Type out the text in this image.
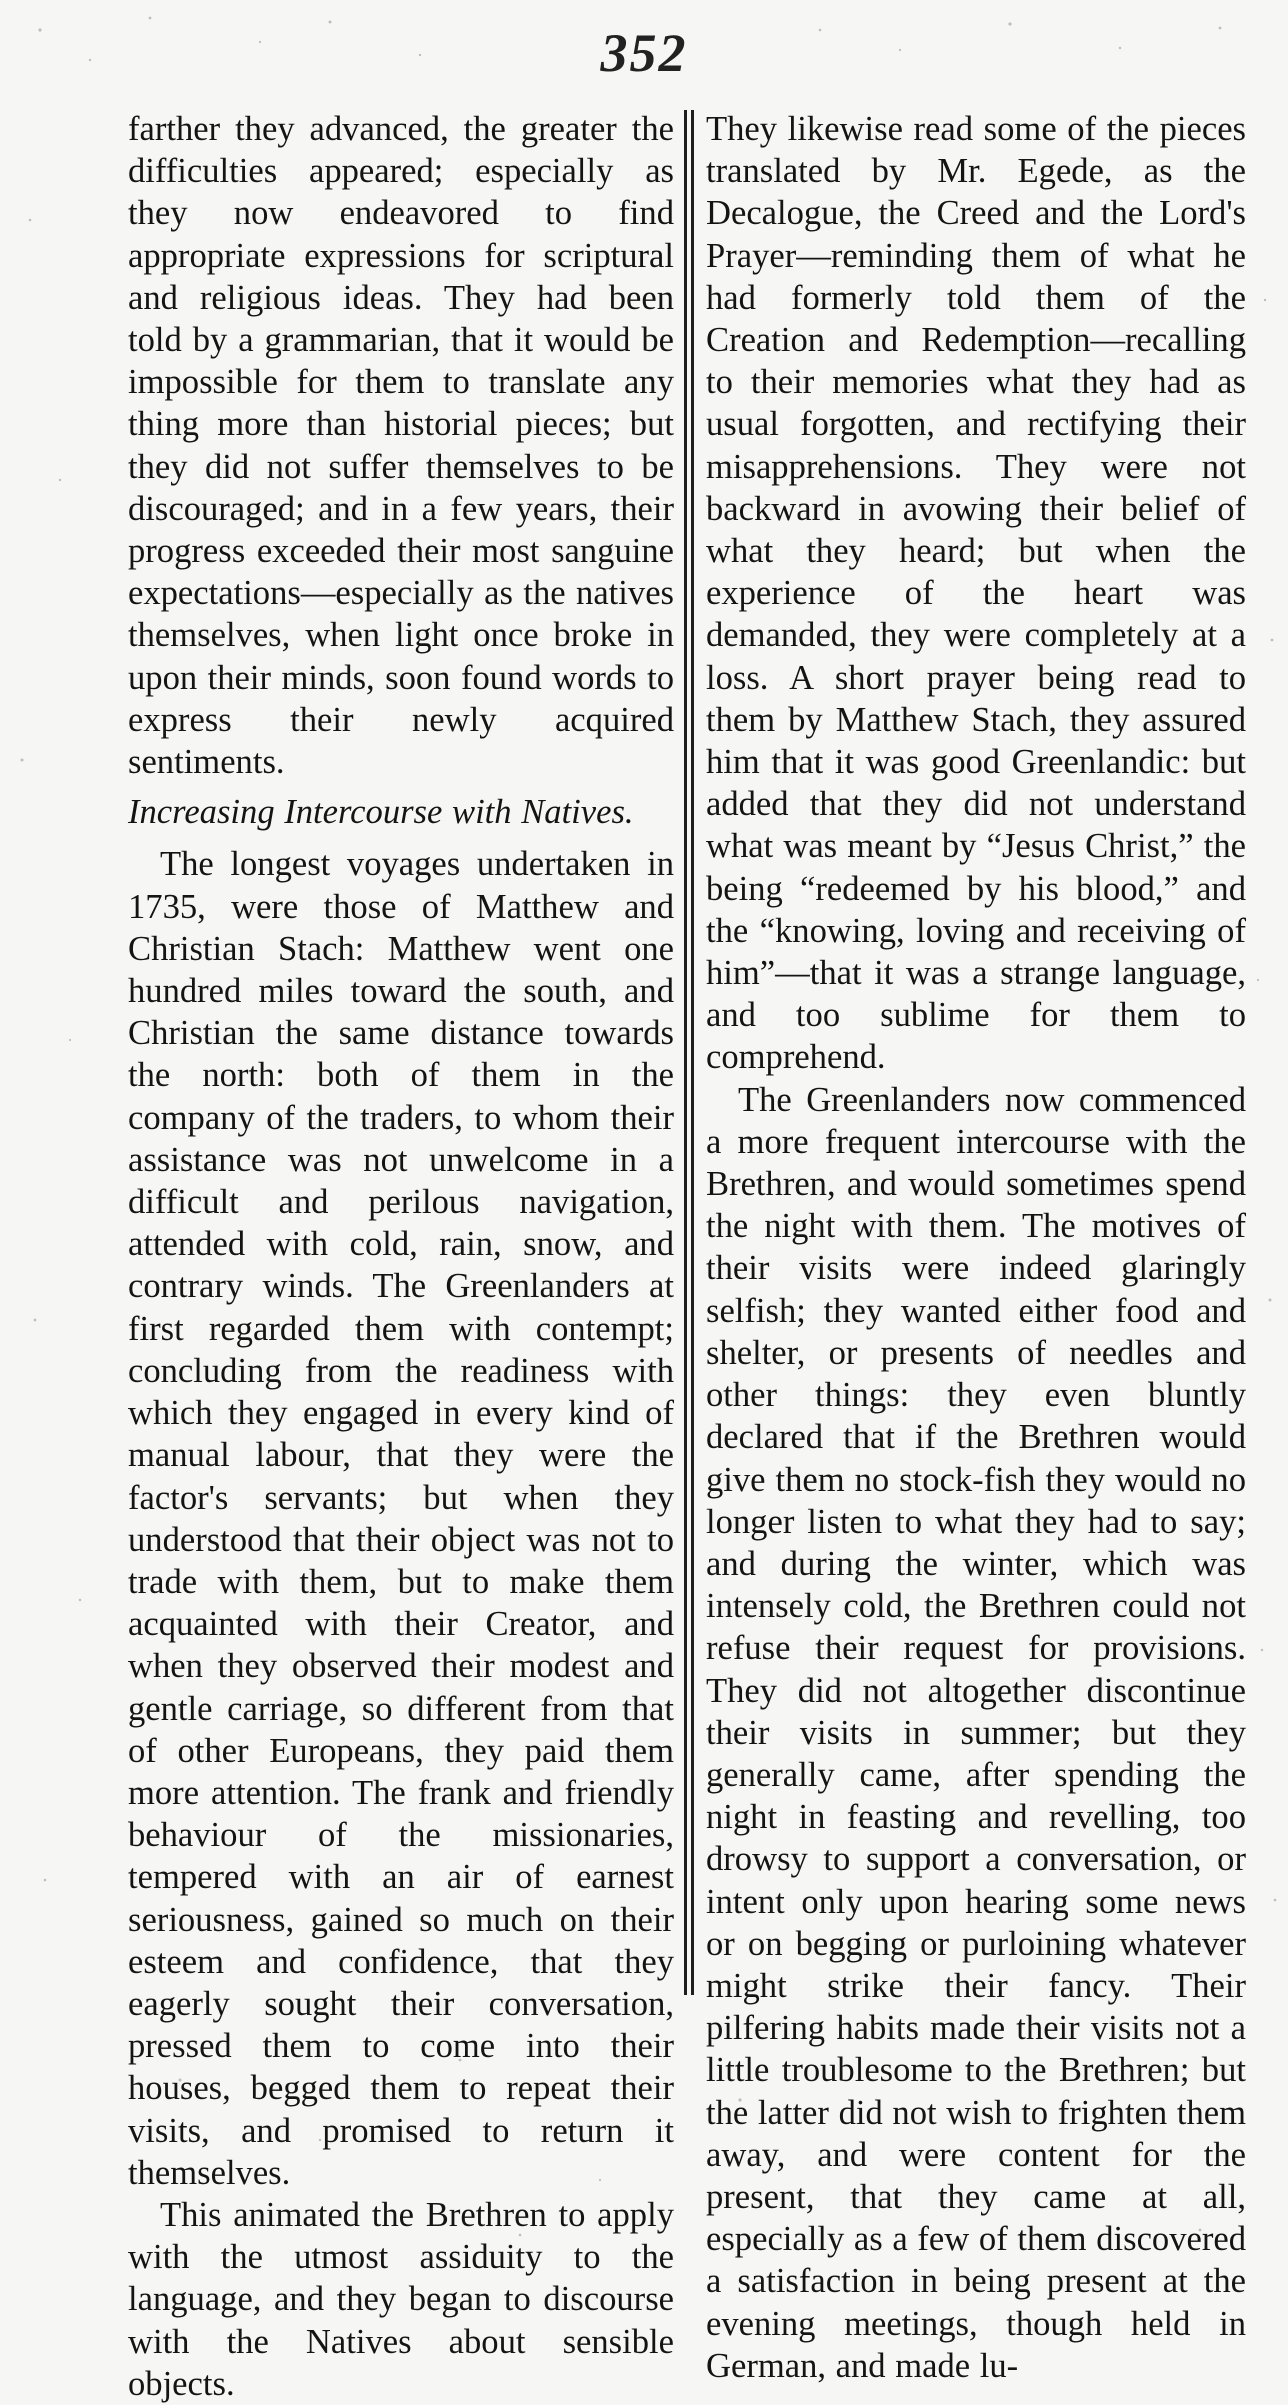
352

farther they advanced, the greater the difficulties appeared; especially as they now endeavored to find appropriate expressions for scriptural and religious ideas. They had been told by a grammarian, that it would be impossible for them to translate any thing more than historial pieces; but they did not suffer themselves to be discouraged; and in a few years, their progress exceeded their most sanguine expectations—especially as the natives themselves, when light once broke in upon their minds, soon found words to express their newly acquired sentiments.

Increasing Intercourse with Natives.

The longest voyages undertaken in 1735, were those of Matthew and Christian Stach: Matthew went one hundred miles toward the south, and Christian the same distance towards the north: both of them in the company of the traders, to whom their assistance was not unwelcome in a difficult and perilous navigation, attended with cold, rain, snow, and contrary winds. The Greenlanders at first regarded them with contempt; concluding from the readiness with which they engaged in every kind of manual labour, that they were the factor's servants; but when they understood that their object was not to trade with them, but to make them acquainted with their Creator, and when they observed their modest and gentle carriage, so different from that of other Europeans, they paid them more attention. The frank and friendly behaviour of the missionaries, tempered with an air of earnest seriousness, gained so much on their esteem and confidence, that they eagerly sought their conversation, pressed them to come into their houses, begged them to repeat their visits, and promised to return it themselves.

This animated the Brethren to apply with the utmost assiduity to the language, and they began to discourse with the Natives about sensible objects.

They likewise read some of the pieces translated by Mr. Egede, as the Decalogue, the Creed and the Lord's Prayer—reminding them of what he had formerly told them of the Creation and Redemption—recalling to their memories what they had as usual forgotten, and rectifying their misapprehensions. They were not backward in avowing their belief of what they heard; but when the experience of the heart was demanded, they were completely at a loss. A short prayer being read to them by Matthew Stach, they assured him that it was good Greenlandic: but added that they did not understand what was meant by “Jesus Christ,” the being “redeemed by his blood,” and the “knowing, loving and receiving of him”—that it was a strange language, and too sublime for them to comprehend.

The Greenlanders now commenced a more frequent intercourse with the Brethren, and would sometimes spend the night with them. The motives of their visits were indeed glaringly selfish; they wanted either food and shelter, or presents of needles and other things: they even bluntly declared that if the Brethren would give them no stock-fish they would no longer listen to what they had to say; and during the winter, which was intensely cold, the Brethren could not refuse their request for provisions. They did not altogether discontinue their visits in summer; but they generally came, after spending the night in feasting and revelling, too drowsy to support a conversation, or intent only upon hearing some news or on begging or purloining whatever might strike their fancy. Their pilfering habits made their visits not a little troublesome to the Brethren; but the latter did not wish to frighten them away, and were content for the present, that they came at all, especially as a few of them discovered a satisfaction in being present at the evening meetings, though held in German, and made lu-
